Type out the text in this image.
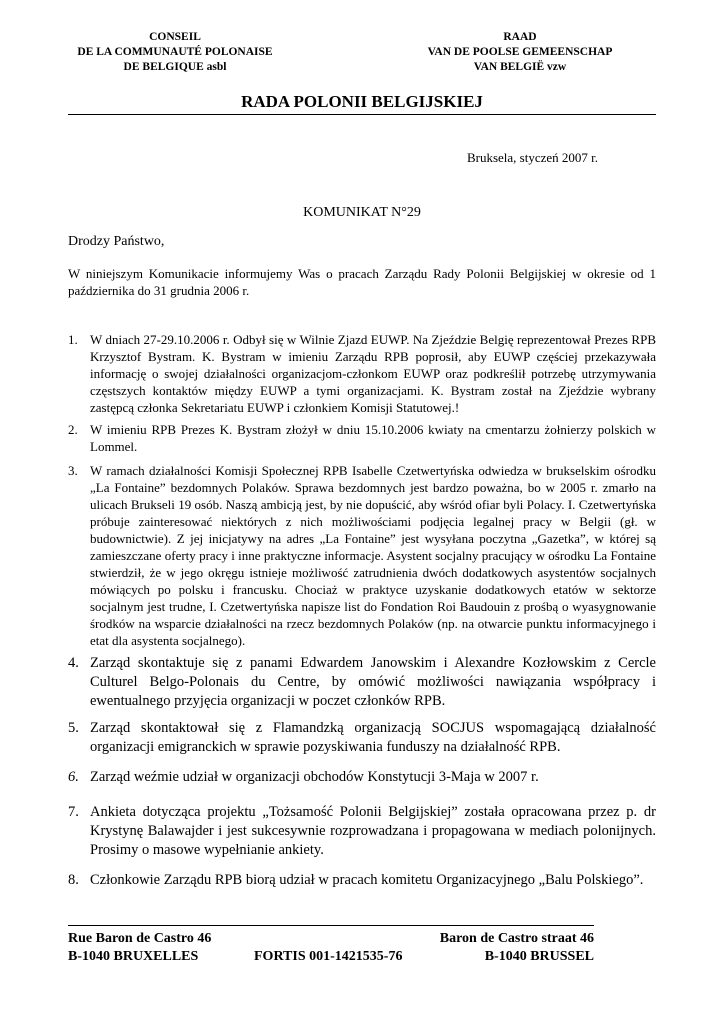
CONSEIL
DE LA COMMUNAUTÉ POLONAISE
DE BELGIQUE asbl
RAAD
VAN DE POOLSE GEMEENSCHAP
VAN BELGIË vzw
RADA POLONII BELGIJSKIEJ
Bruksela, styczeń 2007 r.
KOMUNIKAT N°29
Drodzy Państwo,
W niniejszym Komunikacie informujemy Was o pracach Zarządu Rady Polonii Belgijskiej w okresie od 1 października do 31 grudnia 2006 r.
1. W dniach 27-29.10.2006 r. Odbył się w Wilnie Zjazd EUWP. Na Zjeździe Belgię reprezentował Prezes RPB Krzysztof Bystram. K. Bystram w imieniu Zarządu RPB poprosił, aby EUWP częściej przekazywała informację o swojej działalności organizacjom-członkom EUWP oraz podkreślił potrzebę utrzymywania częstszych kontaktów między EUWP a tymi organizacjami. K. Bystram został na Zjeździe wybrany zastępcą członka Sekretariatu EUWP i członkiem Komisji Statutowej.!
2. W imieniu RPB Prezes K. Bystram złożył w dniu 15.10.2006 kwiaty na cmentarzu żołnierzy polskich w Lommel.
3. W ramach działalności Komisji Społecznej RPB Isabelle Czetwertyńska odwiedza w brukselskim ośrodku „La Fontaine” bezdomnych Polaków. Sprawa bezdomnych jest bardzo poważna, bo w 2005 r. zmarło na ulicach Brukseli 19 osób. Naszą ambicją jest, by nie dopuścić, aby wśród ofiar byli Polacy. I. Czetwertyńska próbuje zainteresować niektórych z nich możliwościami podjęcia legalnej pracy w Belgii (gł. w budownictwie). Z jej inicjatywy na adres „La Fontaine” jest wysyłana poczytna „Gazetka”, w której są zamieszczane oferty pracy i inne praktyczne informacje. Asystent socjalny pracujący w ośrodku La Fontaine stwierdził, że w jego okręgu istnieje możliwość zatrudnienia dwóch dodatkowych asystentów socjalnych mówiących po polsku i francusku. Chociaż w praktyce uzyskanie dodatkowych etatów w sektorze socjalnym jest trudne, I. Czetwertyńska napisze list do Fondation Roi Baudouin z prośbą o wyasygnowanie środków na wsparcie działalności na rzecz bezdomnych Polaków (np. na otwarcie punktu informacyjnego i etat dla asystenta socjalnego).
4. Zarząd skontaktuje się z panami Edwardem Janowskim i Alexandre Kozłowskim z Cercle Culturel Belgo-Polonais du Centre, by omówić możliwości nawiązania współpracy i ewentualnego przyjęcia organizacji w poczet członków RPB.
5. Zarząd skontaktował się z Flamandzką organizacją SOCJUS wspomagającą działalność organizacji emigranckich w sprawie pozyskiwania funduszy na działalność RPB.
6. Zarząd weźmie udział w organizacji obchodów Konstytucji 3-Maja w 2007 r.
7. Ankieta dotycząca projektu „Tożsamość Polonii Belgijskiej” została opracowana przez p. dr Krystynę Balawajder i jest sukcesywnie rozprowadzana i propagowana w mediach polonijnych. Prosimy o masowe wypełnianie ankiety.
8. Członkowie Zarządu RPB biorą udział w pracach komitetu Organizacyjnego „Balu Polskiego”.
Rue Baron de Castro 46
B-1040 BRUXELLES	FORTIS 001-1421535-76
Baron de Castro straat 46
B-1040 BRUSSEL
